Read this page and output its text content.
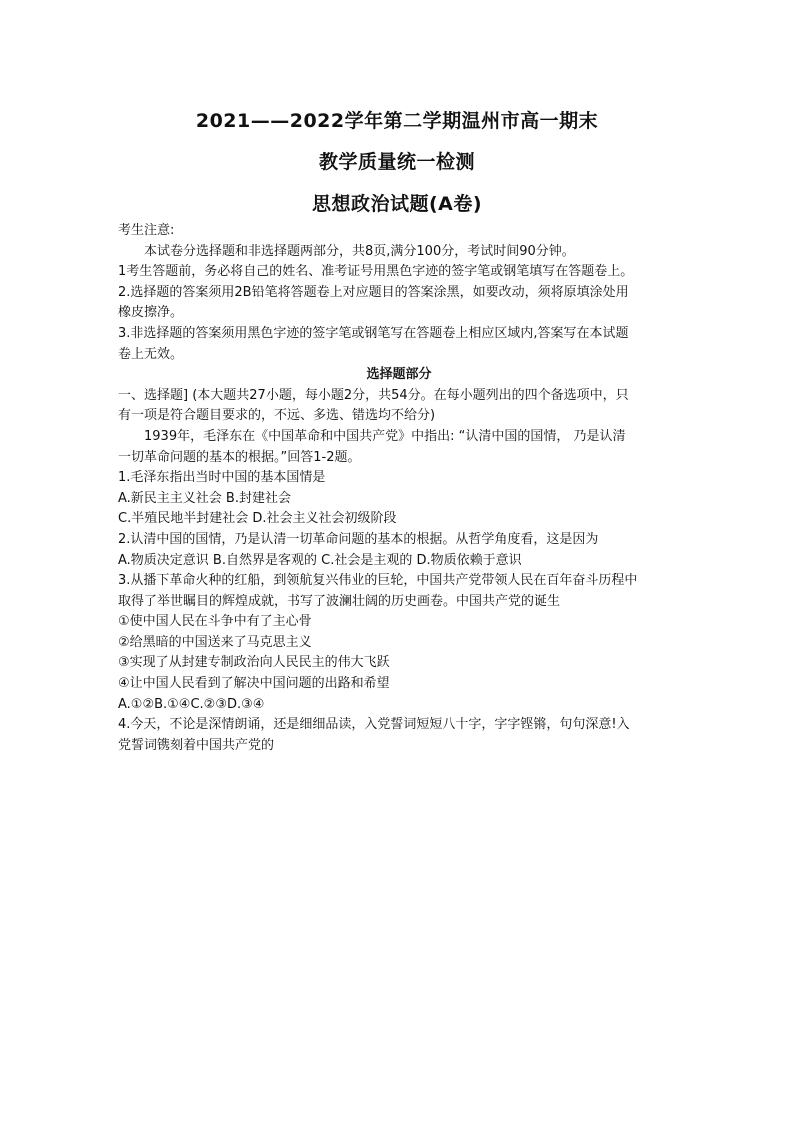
2021——2022学年第二学期温州市高一期末
教学质量统一检测
思想政治试题(A卷)
考生注意:
本试卷分选择题和非选择题两部分，共8页,满分100分，考试时间90分钟。
1考生答题前，务必将自己的姓名、准考证号用黑色字迹的签字笔或钢笔填写在答题卷上。
2.选择题的答案须用2B铅笔将答题卷上对应题目的答案涂黑，如要改动，须将原填涂处用
橡皮擦净。
3.非选择题的答案须用黑色字迹的签字笔或钢笔写在答题卷上相应区域内,答案写在本试题
卷上无效。
选择题部分
一、选择题] (本大题共27小题，每小题2分，共54分。在每小题列出的四个备选项中，只
有一项是符合题目要求的，不远、多选、错选均不给分)
1939年，毛泽东在《中国革命和中国共产党》中指出: “认清中国的国情， 乃是认清
一切革命问题的基本的根据。”回答1-2题。
1.毛泽东指出当时中国的基本国情是
A.新民主主义社会 B.封建社会
C.半殖民地半封建社会 D.社会主义社会初级阶段
2.认清中国的国情，乃是认清一切革命问题的基本的根据。从哲学角度看，这是因为
A.物质决定意识 B.自然界是客观的 C.社会是主观的 D.物质依赖于意识
3.从播下革命火种的红船，到领航复兴伟业的巨轮，中国共产党带领人民在百年奋斗历程中
取得了举世瞩目的辉煌成就，书写了波澜壮阔的历史画卷。中国共产党的诞生
①使中国人民在斗争中有了主心骨
②给黑暗的中国送来了马克思主义
③实现了从封建专制政治向人民民主的伟大飞跃
④让中国人民看到了解决中国问题的出路和希望
A.①②B.①④C.②③D.③④
4.今天，不论是深情朗诵，还是细细品读，入党誓词短短八十字，字字铿锵，句句深意!入
党誓词镌刻着中国共产党的
